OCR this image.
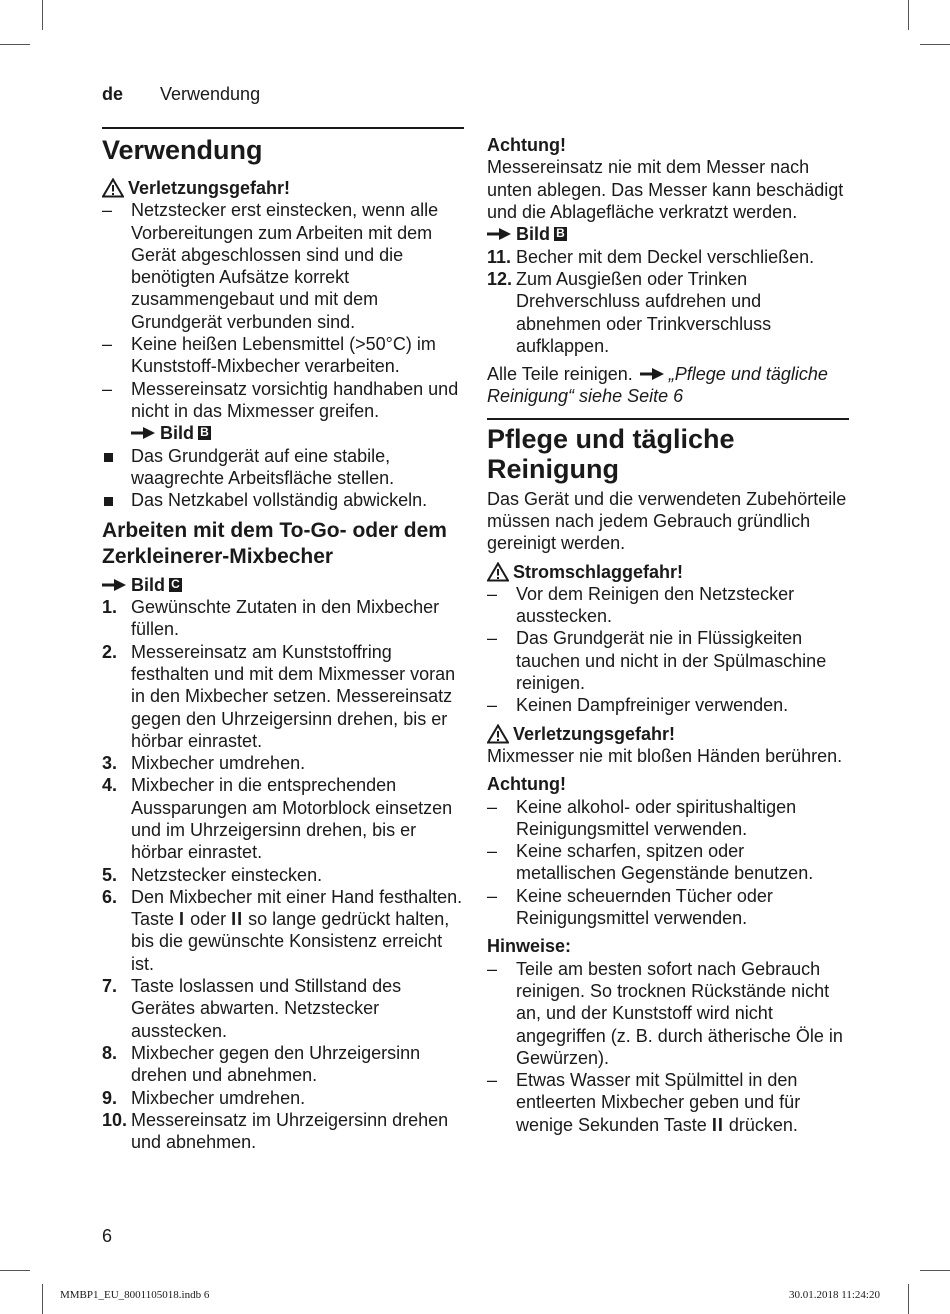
de Verwendung
Verwendung
Verletzungsgefahr!
–	Netzstecker erst einstecken, wenn alle Vorbereitungen zum Arbeiten mit dem Gerät abgeschlossen sind und die benötigten Aufsätze korrekt zusammengebaut und mit dem Grundgerät verbunden sind.
–	Keine heißen Lebensmittel (>50°C) im Kunststoff-Mixbecher verarbeiten.
–	Messereinsatz vorsichtig handhaben und nicht in das Mixmesser greifen.

Bild B
Das Grundgerät auf eine stabile, waagrechte Arbeitsfläche stellen.
Das Netzkabel vollständig abwickeln.
Arbeiten mit dem To-Go- oder dem Zerkleinerer-Mixbecher
Bild C
1. Gewünschte Zutaten in den Mixbecher füllen.
2. Messereinsatz am Kunststoffring festhalten und mit dem Mixmesser voran in den Mixbecher setzen. Messereinsatz gegen den Uhrzeigersinn drehen, bis er hörbar einrastet.
3. Mixbecher umdrehen.
4. Mixbecher in die entsprechenden Aussparungen am Motorblock einsetzen und im Uhrzeigersinn drehen, bis er hörbar einrastet.
5. Netzstecker einstecken.
6. Den Mixbecher mit einer Hand festhalten. Taste I oder II so lange gedrückt halten, bis die gewünschte Konsistenz erreicht ist.
7. Taste loslassen und Stillstand des Gerätes abwarten. Netzstecker ausstecken.
8. Mixbecher gegen den Uhrzeigersinn drehen und abnehmen.
9. Mixbecher umdrehen.
10. Messereinsatz im Uhrzeigersinn drehen und abnehmen.

Achtung!

Messereinsatz nie mit dem Messer nach unten ablegen. Das Messer kann beschädigt und die Ablagefläche verkratzt werden.
Bild B

11. Becher mit dem Deckel verschließen.
12. Zum Ausgießen oder Trinken Drehverschluss aufdrehen und abnehmen oder Trinkverschluss aufklappen.

Alle Teile reinigen. „Pflege und tägliche Reinigung“ siehe Seite 6

Pflege und tägliche Reinigung

Das Gerät und die verwendeten Zubehörteile müssen nach jedem Gebrauch gründlich gereinigt werden.

Stromschlaggefahr!
–	Vor dem Reinigen den Netzstecker ausstecken.
–	Das Grundgerät nie in Flüssigkeiten tauchen und nicht in der Spülmaschine reinigen.
–	Keinen Dampfreiniger verwenden.
Verletzungsgefahr!

Mixmesser nie mit bloßen Händen berühren.

Achtung!

–	Keine alkohol- oder spiritushaltigen Reinigungsmittel verwenden.
–	Keine scharfen, spitzen oder metallischen Gegenstände benutzen.
–	Keine scheuernden Tücher oder Reinigungsmittel verwenden.

Hinweise:

–	Teile am besten sofort nach Gebrauch reinigen. So trocknen Rückstände nicht an, und der Kunststoff wird nicht angegriffen (z. B. durch ätherische Öle in Gewürzen).
–	Etwas Wasser mit Spülmittel in den entleerten Mixbecher geben und für wenige Sekunden Taste II drücken.
6
MMBP1_EU_8001105018.indb 6	30.01.2018 11:24:20
